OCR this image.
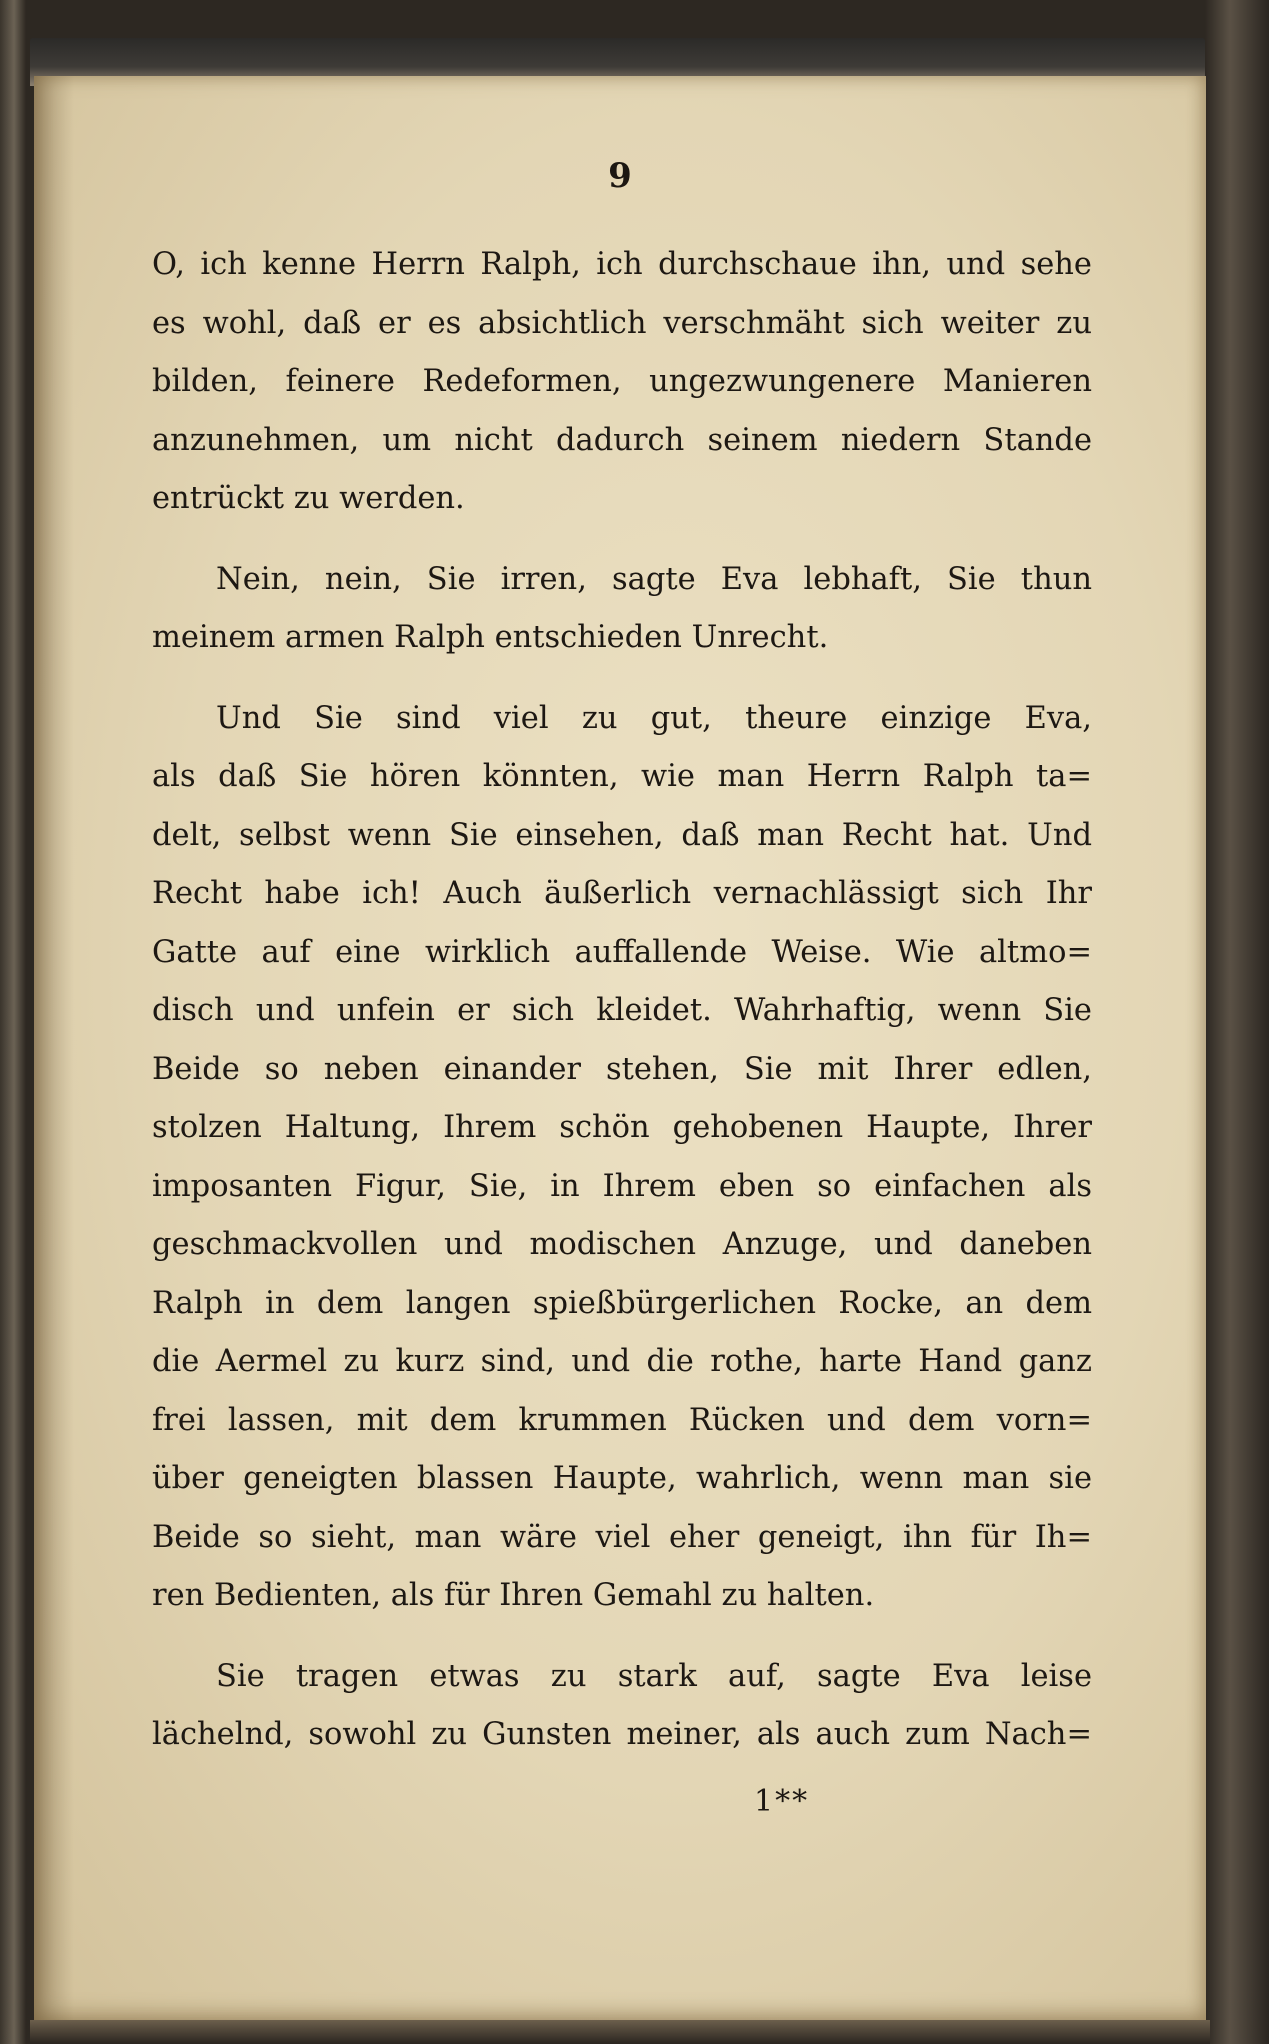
9
O, ich kenne Herrn Ralph, ich durchschaue ihn, und sehe
es wohl, daß er es absichtlich verschmäht sich weiter zu
bilden, feinere Redeformen, ungezwungenere Manieren
anzunehmen, um nicht dadurch seinem niedern Stande
entrückt zu werden.
Nein, nein, Sie irren, sagte Eva lebhaft, Sie thun
meinem armen Ralph entschieden Unrecht.
Und Sie sind viel zu gut, theure einzige Eva,
als daß Sie hören könnten, wie man Herrn Ralph ta=
delt, selbst wenn Sie einsehen, daß man Recht hat. Und
Recht habe ich! Auch äußerlich vernachlässigt sich Ihr
Gatte auf eine wirklich auffallende Weise. Wie altmo=
disch und unfein er sich kleidet. Wahrhaftig, wenn Sie
Beide so neben einander stehen, Sie mit Ihrer edlen,
stolzen Haltung, Ihrem schön gehobenen Haupte, Ihrer
imposanten Figur, Sie, in Ihrem eben so einfachen als
geschmackvollen und modischen Anzuge, und daneben
Ralph in dem langen spießbürgerlichen Rocke, an dem
die Aermel zu kurz sind, und die rothe, harte Hand ganz
frei lassen, mit dem krummen Rücken und dem vorn=
über geneigten blassen Haupte, wahrlich, wenn man sie
Beide so sieht, man wäre viel eher geneigt, ihn für Ih=
ren Bedienten, als für Ihren Gemahl zu halten.
Sie tragen etwas zu stark auf, sagte Eva leise
lächelnd, sowohl zu Gunsten meiner, als auch zum Nach=
1**
